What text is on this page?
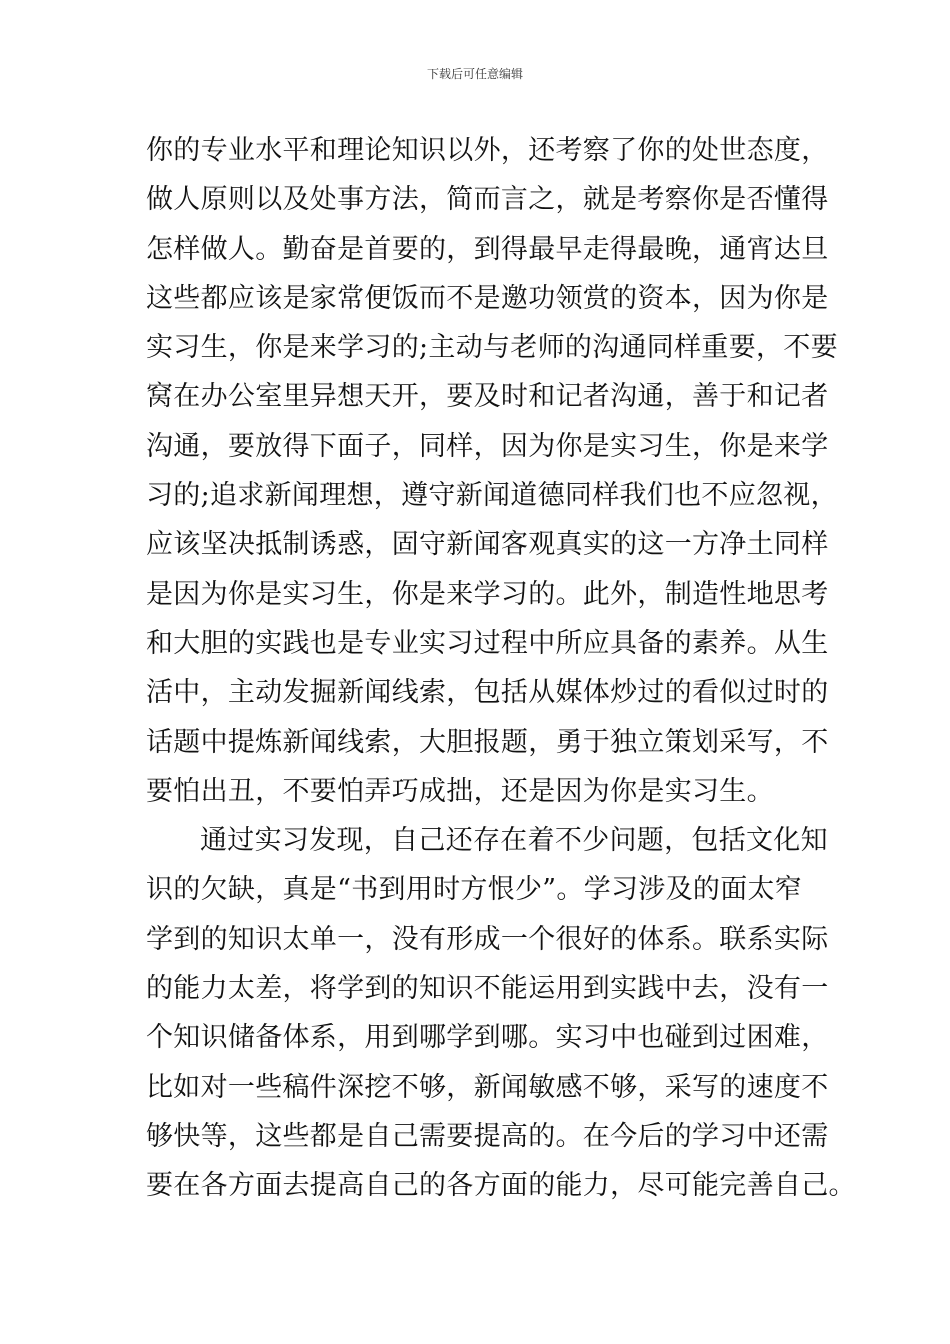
下载后可任意编辑
你的专业水平和理论知识以外，还考察了你的处世态度，
做人原则以及处事方法，简而言之，就是考察你是否懂得
怎样做人。勤奋是首要的，到得最早走得最晚，通宵达旦
这些都应该是家常便饭而不是邀功领赏的资本，因为你是
实习生，你是来学习的;主动与老师的沟通同样重要，不要
窝在办公室里异想天开，要及时和记者沟通，善于和记者
沟通，要放得下面子，同样，因为你是实习生，你是来学
习的;追求新闻理想，遵守新闻道德同样我们也不应忽视，
应该坚决抵制诱惑，固守新闻客观真实的这一方净土同样
是因为你是实习生，你是来学习的。此外，制造性地思考
和大胆的实践也是专业实习过程中所应具备的素养。从生
活中，主动发掘新闻线索，包括从媒体炒过的看似过时的
话题中提炼新闻线索，大胆报题，勇于独立策划采写，不
要怕出丑，不要怕弄巧成拙，还是因为你是实习生。
通过实习发现，自己还存在着不少问题，包括文化知
识的欠缺，真是“书到用时方恨少”。学习涉及的面太窄
学到的知识太单一，没有形成一个很好的体系。联系实际
的能力太差，将学到的知识不能运用到实践中去，没有一
个知识储备体系，用到哪学到哪。实习中也碰到过困难，
比如对一些稿件深挖不够，新闻敏感不够，采写的速度不
够快等，这些都是自己需要提高的。在今后的学习中还需
要在各方面去提高自己的各方面的能力，尽可能完善自己。
